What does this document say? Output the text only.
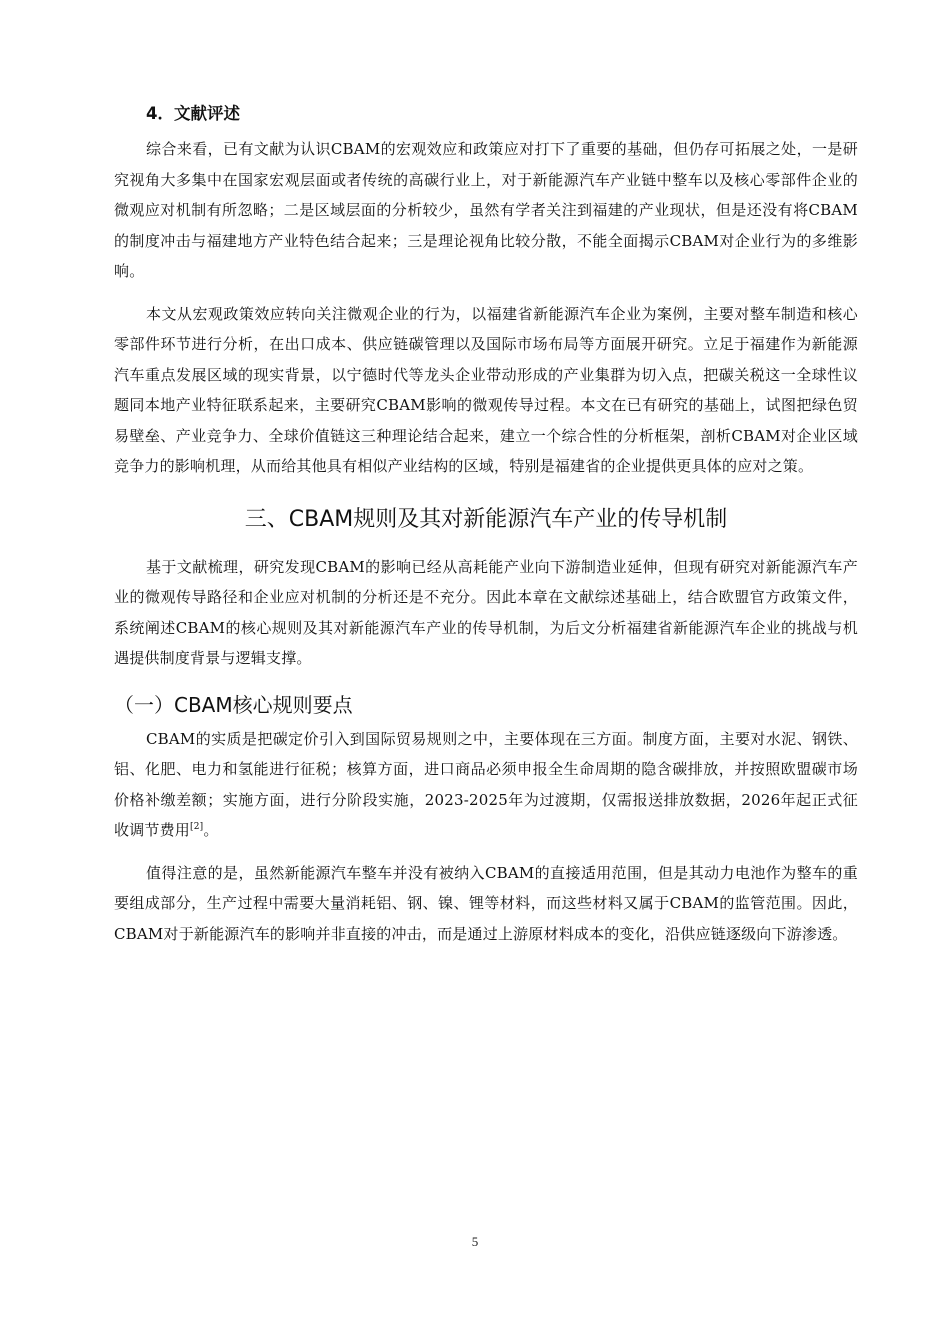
4．文献评述

综合来看，已有文献为认识CBAM的宏观效应和政策应对打下了重要的基础，但仍存可拓展之处，一是研究视角大多集中在国家宏观层面或者传统的高碳行业上，对于新能源汽车产业链中整车以及核心零部件企业的微观应对机制有所忽略；二是区域层面的分析较少，虽然有学者关注到福建的产业现状，但是还没有将CBAM的制度冲击与福建地方产业特色结合起来；三是理论视角比较分散，不能全面揭示CBAM对企业行为的多维影响。

本文从宏观政策效应转向关注微观企业的行为，以福建省新能源汽车企业为案例，主要对整车制造和核心零部件环节进行分析，在出口成本、供应链碳管理以及国际市场布局等方面展开研究。立足于福建作为新能源汽车重点发展区域的现实背景，以宁德时代等龙头企业带动形成的产业集群为切入点，把碳关税这一全球性议题同本地产业特征联系起来，主要研究CBAM影响的微观传导过程。本文在已有研究的基础上，试图把绿色贸易壁垒、产业竞争力、全球价值链这三种理论结合起来，建立一个综合性的分析框架，剖析CBAM对企业区域竞争力的影响机理，从而给其他具有相似产业结构的区域，特别是福建省的企业提供更具体的应对之策。

三、CBAM规则及其对新能源汽车产业的传导机制

基于文献梳理，研究发现CBAM的影响已经从高耗能产业向下游制造业延伸，但现有研究对新能源汽车产业的微观传导路径和企业应对机制的分析还是不充分。因此本章在文献综述基础上，结合欧盟官方政策文件，系统阐述CBAM的核心规则及其对新能源汽车产业的传导机制，为后文分析福建省新能源汽车企业的挑战与机遇提供制度背景与逻辑支撑。

（一）CBAM核心规则要点

CBAM的实质是把碳定价引入到国际贸易规则之中，主要体现在三方面。制度方面，主要对水泥、钢铁、铝、化肥、电力和氢能进行征税；核算方面，进口商品必须申报全生命周期的隐含碳排放，并按照欧盟碳市场价格补缴差额；实施方面，进行分阶段实施，2023-2025年为过渡期，仅需报送排放数据，2026年起正式征收调节费用[2]。

值得注意的是，虽然新能源汽车整车并没有被纳入CBAM的直接适用范围，但是其动力电池作为整车的重要组成部分，生产过程中需要大量消耗铝、钢、镍、锂等材料，而这些材料又属于CBAM的监管范围。因此，CBAM对于新能源汽车的影响并非直接的冲击，而是通过上游原材料成本的变化，沿供应链逐级向下游渗透。

5
